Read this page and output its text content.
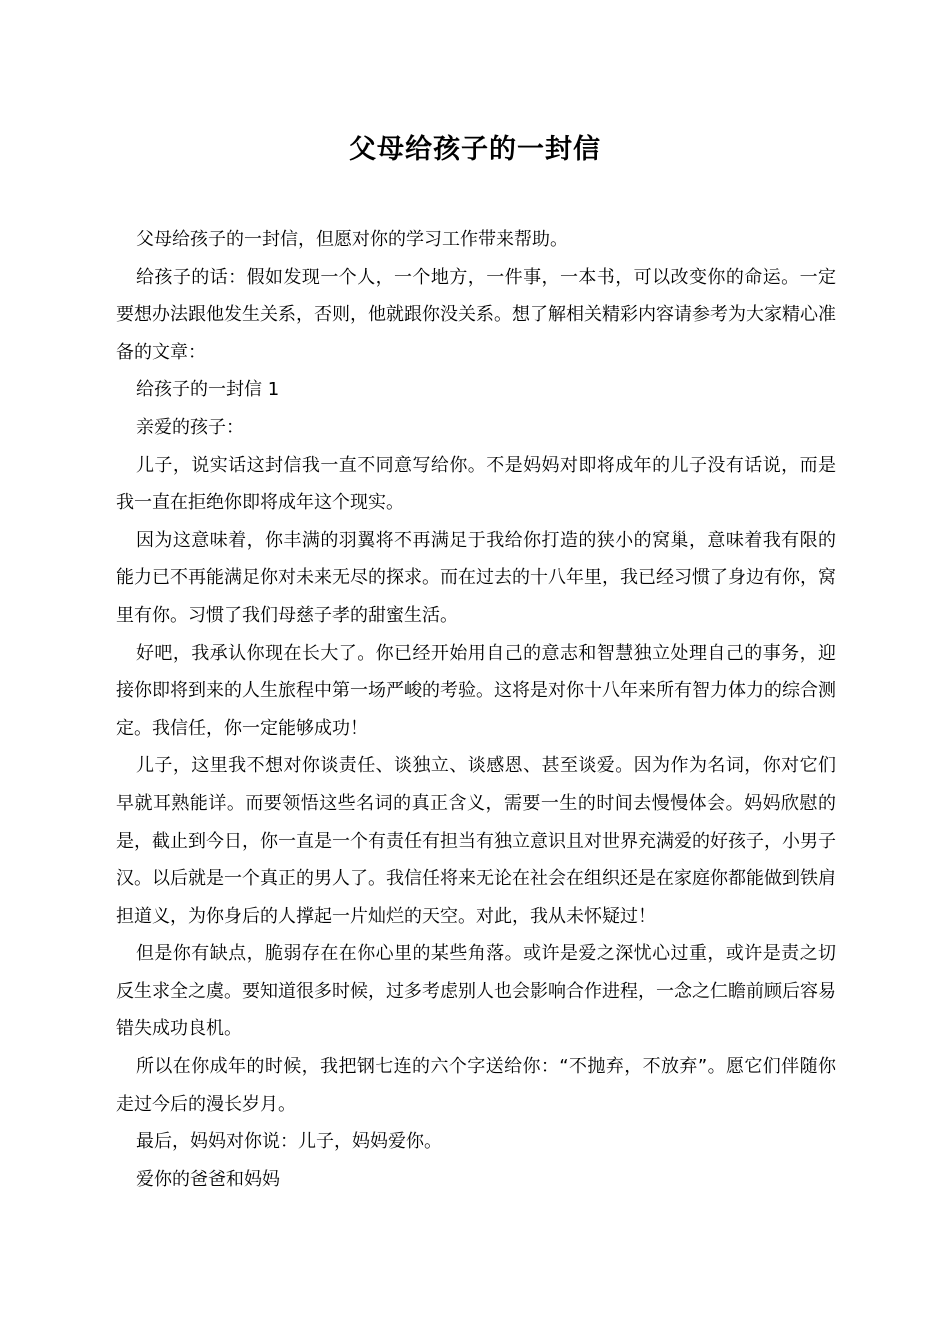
父母给孩子的一封信

父母给孩子的一封信，但愿对你的学习工作带来帮助。

给孩子的话：假如发现一个人，一个地方，一件事，一本书，可以改变你的命运。一定要想办法跟他发生关系，否则，他就跟你没关系。想了解相关精彩内容请参考为大家精心准备的文章：

给孩子的一封信 1

亲爱的孩子：

儿子，说实话这封信我一直不同意写给你。不是妈妈对即将成年的儿子没有话说，而是我一直在拒绝你即将成年这个现实。

因为这意味着，你丰满的羽翼将不再满足于我给你打造的狭小的窝巢，意味着我有限的能力已不再能满足你对未来无尽的探求。而在过去的十八年里，我已经习惯了身边有你，窝里有你。习惯了我们母慈子孝的甜蜜生活。

好吧，我承认你现在长大了。你已经开始用自己的意志和智慧独立处理自己的事务，迎接你即将到来的人生旅程中第一场严峻的考验。这将是对你十八年来所有智力体力的综合测定。我信任，你一定能够成功！

儿子，这里我不想对你谈责任、谈独立、谈感恩、甚至谈爱。因为作为名词，你对它们早就耳熟能详。而要领悟这些名词的真正含义，需要一生的时间去慢慢体会。妈妈欣慰的是，截止到今日，你一直是一个有责任有担当有独立意识且对世界充满爱的好孩子，小男子汉。以后就是一个真正的男人了。我信任将来无论在社会在组织还是在家庭你都能做到铁肩担道义，为你身后的人撑起一片灿烂的天空。对此，我从未怀疑过！

但是你有缺点，脆弱存在在你心里的某些角落。或许是爱之深忧心过重，或许是责之切反生求全之虞。要知道很多时候，过多考虑别人也会影响合作进程，一念之仁瞻前顾后容易错失成功良机。

所以在你成年的时候，我把钢七连的六个字送给你：“不抛弃，不放弃”。愿它们伴随你走过今后的漫长岁月。

最后，妈妈对你说：儿子，妈妈爱你。

爱你的爸爸和妈妈
